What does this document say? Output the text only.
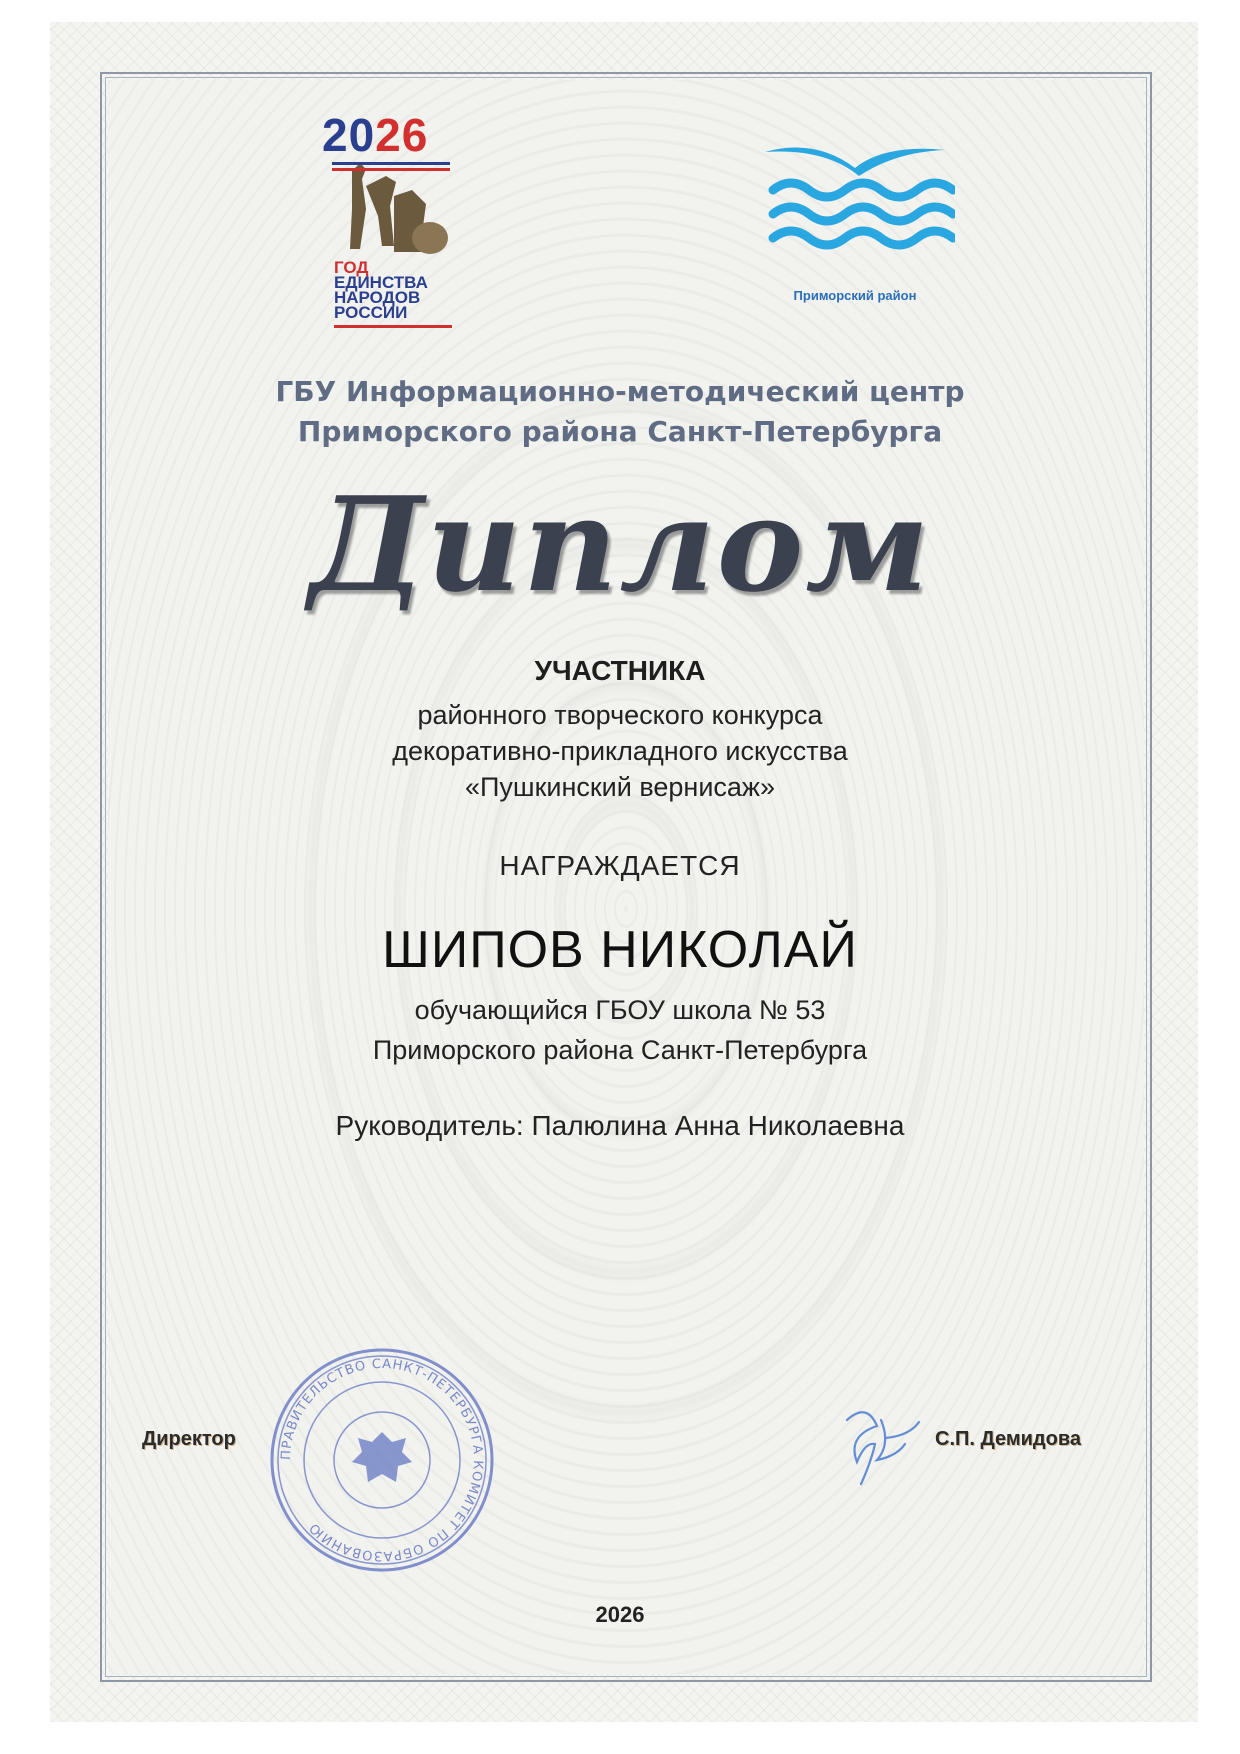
2026
ГОД
ЕДИНСТВА
НАРОДОВ
РОССИИ
Приморский район
ГБУ Информационно-методический центр
Приморского района Санкт-Петербурга
Диплом
УЧАСТНИКА
районного творческого конкурса
декоративно-прикладного искусства
«Пушкинский вернисаж»
НАГРАЖДАЕТСЯ
ШИПОВ НИКОЛАЙ
обучающийся ГБОУ школа № 53
Приморского района Санкт-Петербурга
Руководитель: Палюлина Анна Николаевна
ПРАВИТЕЛЬСТВО САНКТ-ПЕТЕРБУРГА КОМИТЕТ ПО ОБРАЗОВАНИЮ
Директор	С.П. Демидова
2026
